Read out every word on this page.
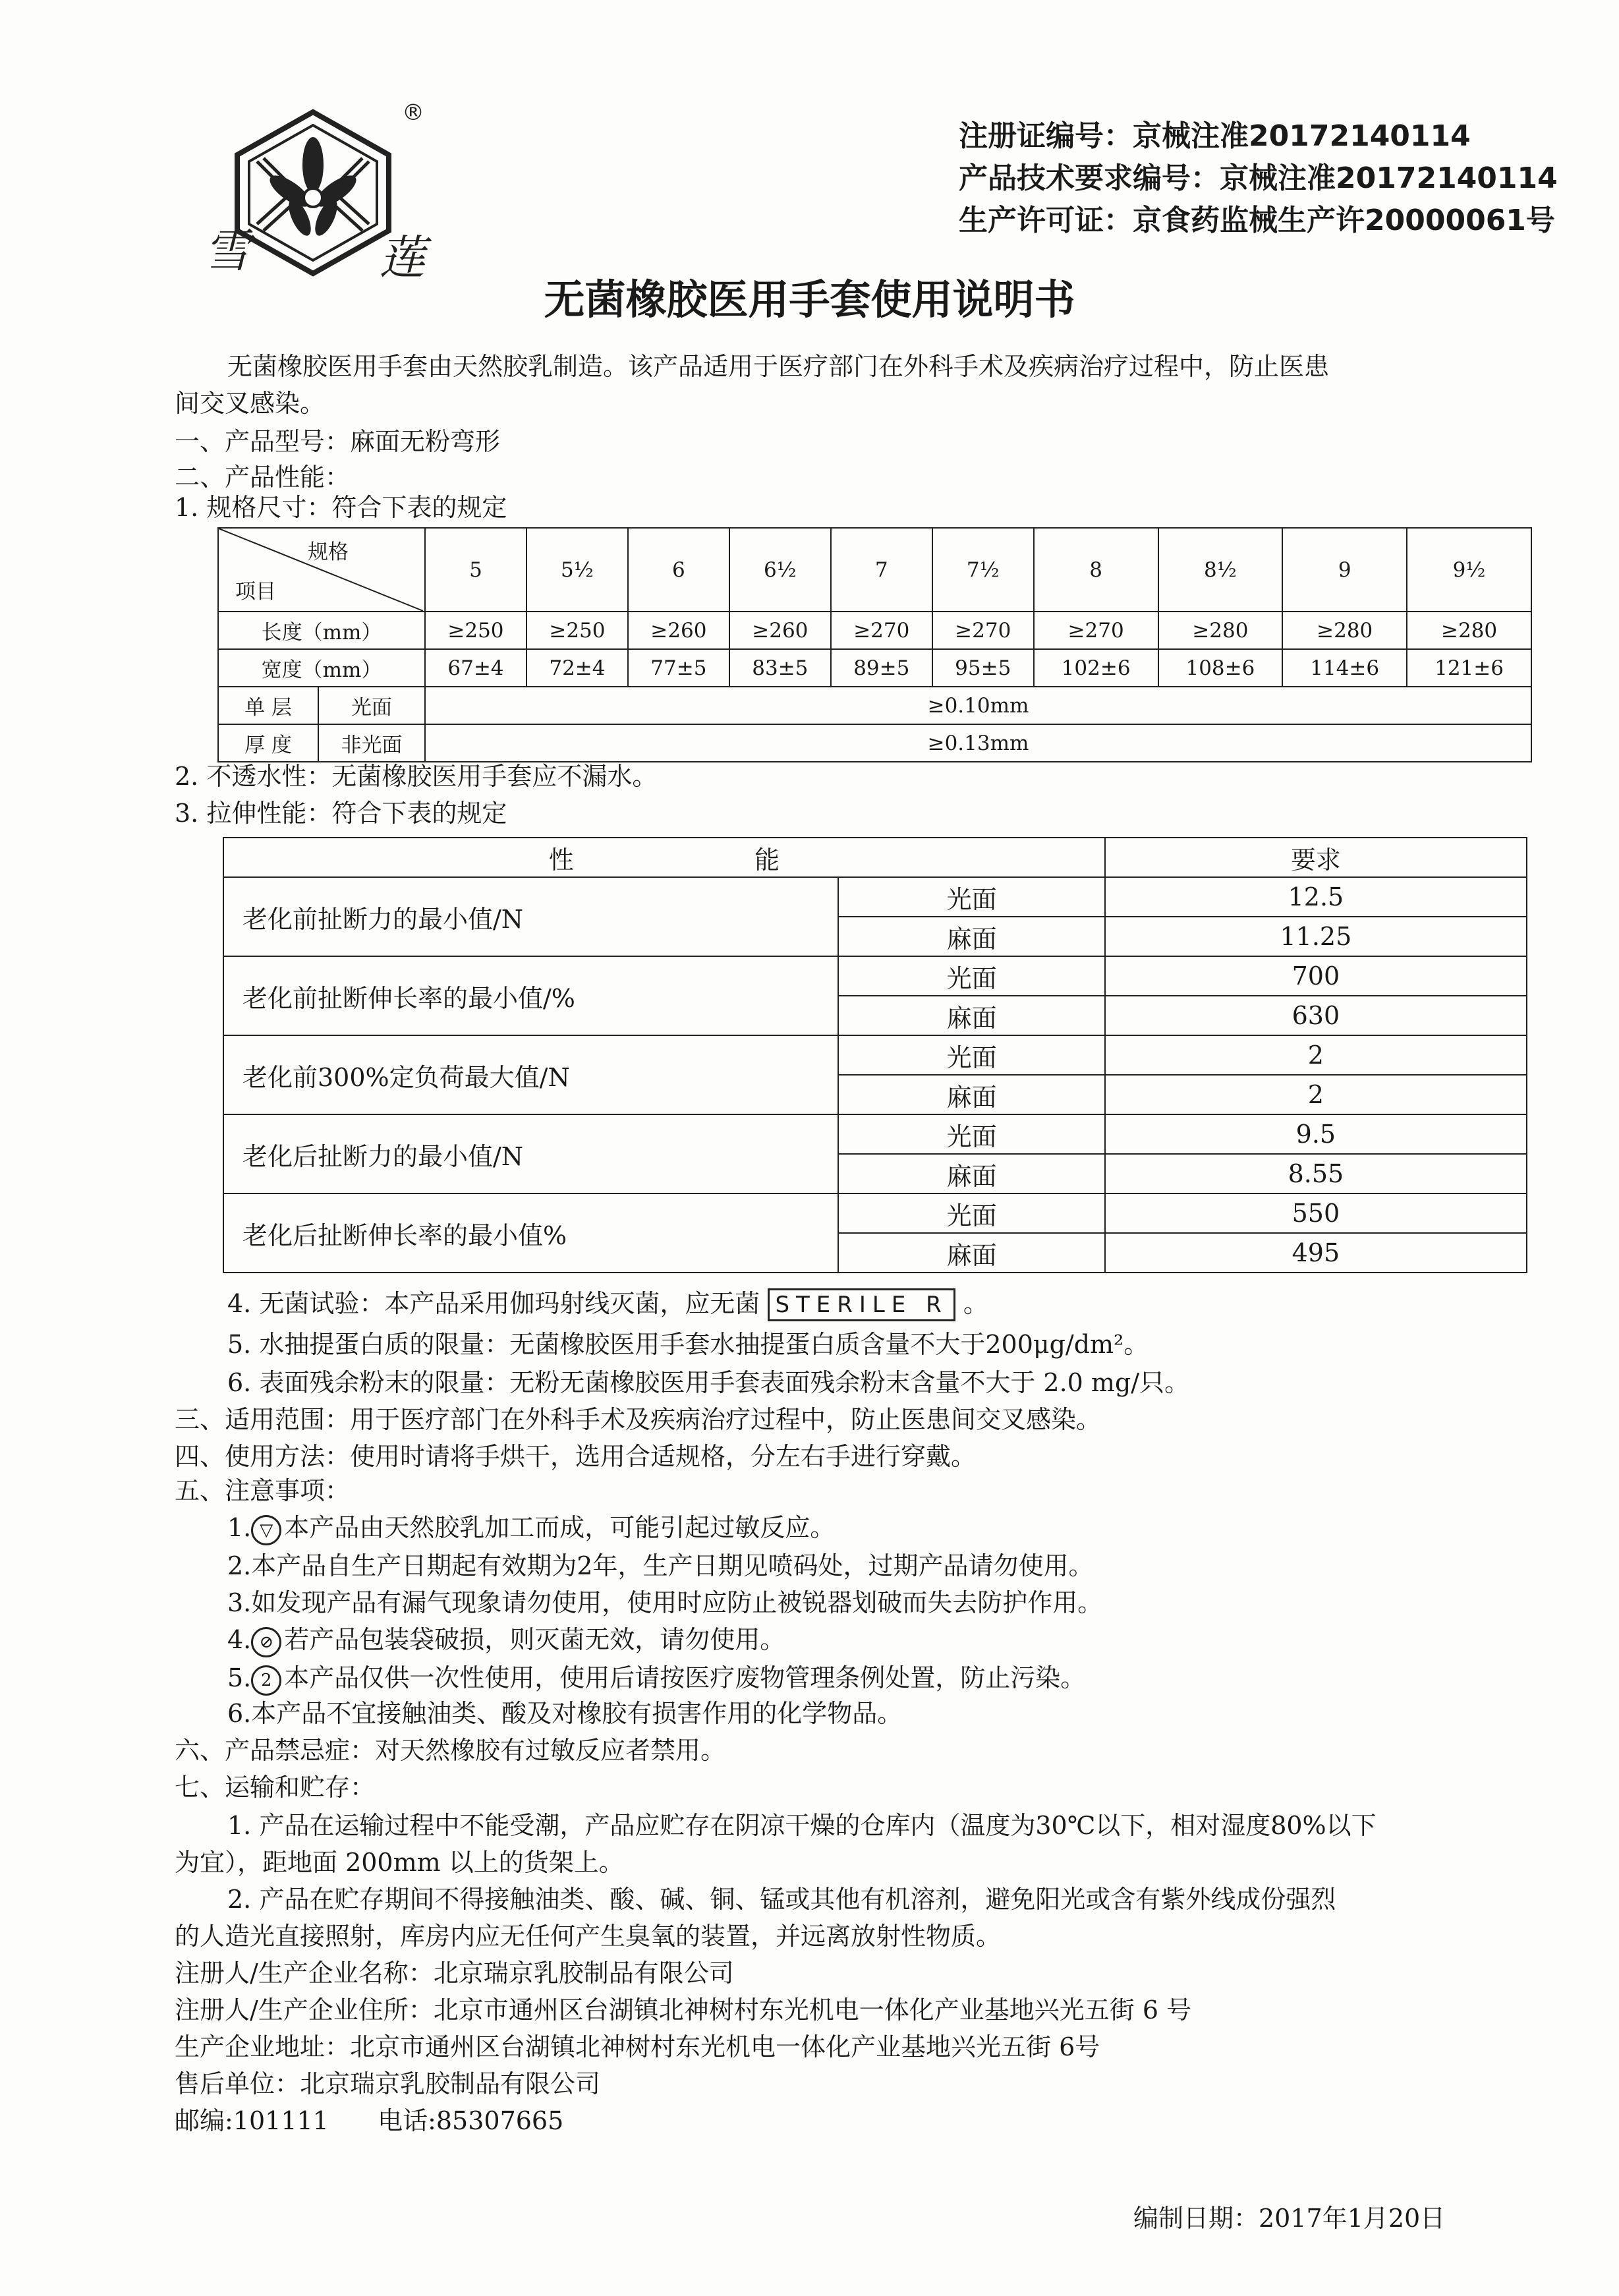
雪	莲
®
注册证编号：京械注准20172140114
产品技术要求编号：京械注准20172140114
生产许可证：京食药监械生产许20000061号
无菌橡胶医用手套使用说明书
无菌橡胶医用手套由天然胶乳制造。该产品适用于医疗部门在外科手术及疾病治疗过程中，防止医患
间交叉感染。
一、产品型号：麻面无粉弯形
二、产品性能：
1. 规格尺寸：符合下表的规定
规格
项目		5	5½	6	6½	7	7½	8	8½	9	9½
长度（mm）		≥250	≥250	≥260	≥260	≥270	≥270	≥270	≥280	≥280	≥280
宽度（mm）		67±4	72±4	77±5	83±5	89±5	95±5	102±6	108±6	114±6	121±6
单 层	光面	≥0.10mm									
厚 度	非光面	≥0.13mm									
2. 不透水性：无菌橡胶医用手套应不漏水。
3. 拉伸性能：符合下表的规定
性 能		要求
老化前扯断力的最小值/N	光面	12.5
	麻面	11.25
老化前扯断伸长率的最小值/%	光面	700
	麻面	630
老化前300%定负荷最大值/N	光面	2
	麻面	2
老化后扯断力的最小值/N	光面	9.5
	麻面	8.55
老化后扯断伸长率的最小值%	光面	550
	麻面	495
4. 无菌试验：本产品采用伽玛射线灭菌，应无菌 STERILE R 。
5. 水抽提蛋白质的限量：无菌橡胶医用手套水抽提蛋白质含量不大于200μg/dm²。
6. 表面残余粉末的限量：无粉无菌橡胶医用手套表面残余粉末含量不大于 2.0 mg/只。
三、适用范围：用于医疗部门在外科手术及疾病治疗过程中，防止医患间交叉感染。
四、使用方法：使用时请将手烘干，选用合适规格，分左右手进行穿戴。
五、注意事项：
1. ▽ 本产品由天然胶乳加工而成，可能引起过敏反应。
2.本产品自生产日期起有效期为2年，生产日期见喷码处，过期产品请勿使用。
3.如发现产品有漏气现象请勿使用，使用时应防止被锐器划破而失去防护作用。
4. ⊘ 若产品包装袋破损，则灭菌无效，请勿使用。
5. 2 本产品仅供一次性使用，使用后请按医疗废物管理条例处置，防止污染。
6.本产品不宜接触油类、酸及对橡胶有损害作用的化学物品。
六、产品禁忌症：对天然橡胶有过敏反应者禁用。
七、运输和贮存：
1. 产品在运输过程中不能受潮，产品应贮存在阴凉干燥的仓库内（温度为30℃以下，相对湿度80%以下
为宜），距地面 200mm 以上的货架上。
2. 产品在贮存期间不得接触油类、酸、碱、铜、锰或其他有机溶剂，避免阳光或含有紫外线成份强烈
的人造光直接照射，库房内应无任何产生臭氧的装置，并远离放射性物质。
注册人/生产企业名称：北京瑞京乳胶制品有限公司
注册人/生产企业住所：北京市通州区台湖镇北神树村东光机电一体化产业基地兴光五街 6 号
生产企业地址：北京市通州区台湖镇北神树村东光机电一体化产业基地兴光五街 6号
售后单位：北京瑞京乳胶制品有限公司
邮编:101111 电话:85307665
编制日期：2017年1月20日
